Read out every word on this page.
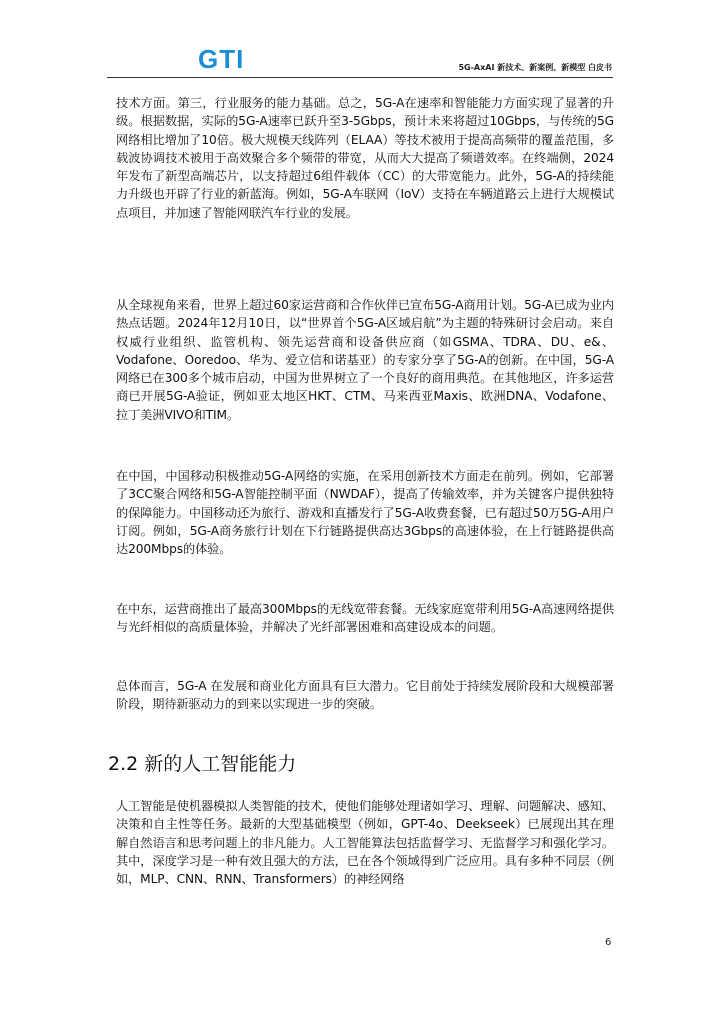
GTI	5G-AxAI 新技术、新案例、新模型 白皮书

技术方面。第三，行业服务的能力基础。总之，5G-A在速率和智能能力方面实现了显著的升级。根据数据，实际的5G-A速率已跃升至3-5Gbps，预计未来将超过10Gbps，与传统的5G网络相比增加了10倍。极大规模天线阵列（ELAA）等技术被用于提高高频带的覆盖范围，多载波协调技术被用于高效聚合多个频带的带宽，从而大大提高了频谱效率。在终端侧，2024年发布了新型高端芯片，以支持超过6组件载体（CC）的大带宽能力。此外，5G-A的持续能力升级也开辟了行业的新蓝海。例如，5G-A车联网（IoV）支持在车辆道路云上进行大规模试点项目，并加速了智能网联汽车行业的发展。

从全球视角来看，世界上超过60家运营商和合作伙伴已宣布5G-A商用计划。5G-A已成为业内热点话题。2024年12月10日，以“世界首个5G-A区域启航”为主题的特殊研讨会启动。来自权威行业组织、监管机构、领先运营商和设备供应商（如GSMA、TDRA、DU、e&、Vodafone、Ooredoo、华为、爱立信和诺基亚）的专家分享了5G-A的创新。在中国，5G-A网络已在300多个城市启动，中国为世界树立了一个良好的商用典范。在其他地区，许多运营商已开展5G-A验证，例如亚太地区HKT、CTM、马来西亚Maxis、欧洲DNA、Vodafone、拉丁美洲VIVO和TIM。

在中国，中国移动积极推动5G-A网络的实施，在采用创新技术方面走在前列。例如，它部署了3CC聚合网络和5G-A智能控制平面（NWDAF），提高了传输效率，并为关键客户提供独特的保障能力。中国移动还为旅行、游戏和直播发行了5G-A收费套餐，已有超过50万5G-A用户订阅。例如，5G-A商务旅行计划在下行链路提供高达3Gbps的高速体验，在上行链路提供高达200Mbps的体验。

在中东，运营商推出了最高300Mbps的无线宽带套餐。无线家庭宽带利用5G-A高速网络提供与光纤相似的高质量体验，并解决了光纤部署困难和高建设成本的问题。

总体而言，5G-A 在发展和商业化方面具有巨大潜力。它目前处于持续发展阶段和大规模部署阶段，期待新驱动力的到来以实现进一步的突破。

2.2 新的人工智能能力

人工智能是使机器模拟人类智能的技术，使他们能够处理诸如学习、理解、问题解决、感知、决策和自主性等任务。最新的大型基础模型（例如，GPT-4o、Deekseek）已展现出其在理解自然语言和思考问题上的非凡能力。人工智能算法包括监督学习、无监督学习和强化学习。其中，深度学习是一种有效且强大的方法，已在各个领域得到广泛应用。具有多种不同层（例如，MLP、CNN、RNN、Transformers）的神经网络

6
